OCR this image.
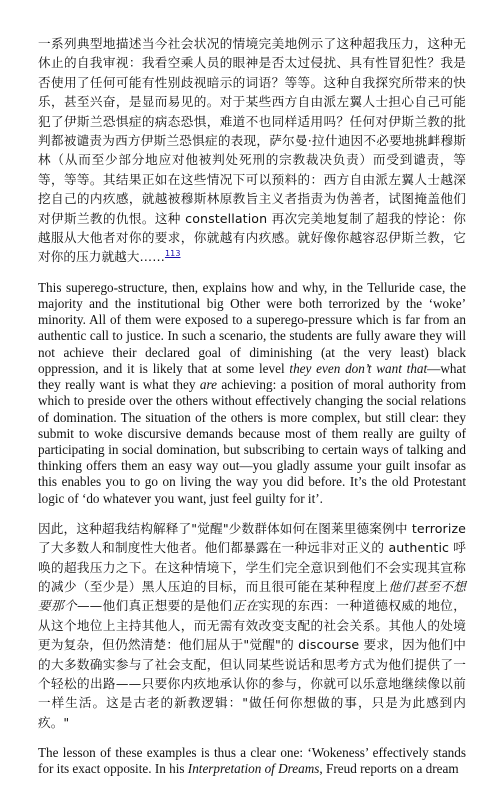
一系列典型地描述当今社会状况的情境完美地例示了这种超我压力，这种无休止的自我审视：我看空乘人员的眼神是否太过侵扰、具有性冒犯性？我是否使用了任何可能有性别歧视暗示的词语？等等。这种自我探究所带来的快乐，甚至兴奋，是显而易见的。对于某些西方自由派左翼人士担心自己可能犯了伊斯兰恐惧症的病态恐惧，难道不也同样适用吗？任何对伊斯兰教的批判都被谴责为西方伊斯兰恐惧症的表现，萨尔曼·拉什迪因不必要地挑衅穆斯林（从而至少部分地应对他被判处死刑的宗教裁决负责）而受到谴责，等等，等等。其结果正如在这些情况下可以预料的：西方自由派左翼人士越深挖自己的内疚感，就越被穆斯林原教旨主义者指责为伪善者，试图掩盖他们对伊斯兰教的仇恨。这种 constellation 再次完美地复制了超我的悖论：你越服从大他者对你的要求，你就越有内疚感。就好像你越容忍伊斯兰教，它对你的压力就越大……$^{113}$

This superego-structure, then, explains how and why, in the Telluride case, the majority and the institutional big Other were both terrorized by the ‘woke’ minority. All of them were exposed to a superego-pressure which is far from an authentic call to justice. In such a scenario, the students are fully aware they will not achieve their declared goal of diminishing (at the very least) black oppression, and it is likely that at some level they even don’t want that—what they really want is what they are achieving: a position of moral authority from which to preside over the others without effectively changing the social relations of domination. The situation of the others is more complex, but still clear: they submit to woke discursive demands because most of them really are guilty of participating in social domination, but subscribing to certain ways of talking and thinking offers them an easy way out—you gladly assume your guilt insofar as this enables you to go on living the way you did before. It’s the old Protestant logic of ‘do whatever you want, just feel guilty for it’.

因此，这种超我结构解释了"觉醒"少数群体如何在图莱里德案例中 terrorize 了大多数人和制度性大他者。他们都暴露在一种远非对正义的 authentic 呼唤的超我压力之下。在这种情境下，学生们完全意识到他们不会实现其宣称的减少（至少是）黑人压迫的目标，而且很可能在某种程度上他们甚至不想要那个——他们真正想要的是他们正在实现的东西：一种道德权威的地位，从这个地位上主持其他人，而无需有效改变支配的社会关系。其他人的处境更为复杂，但仍然清楚：他们屈从于"觉醒"的 discourse 要求，因为他们中的大多数确实参与了社会支配，但认同某些说话和思考方式为他们提供了一个轻松的出路——只要你内疚地承认你的参与，你就可以乐意地继续像以前一样生活。这是古老的新教逻辑："做任何你想做的事，只是为此感到内疚。"

The lesson of these examples is thus a clear one: ‘Wokeness’ effectively stands for its exact opposite. In his Interpretation of Dreams, Freud reports on a dream
